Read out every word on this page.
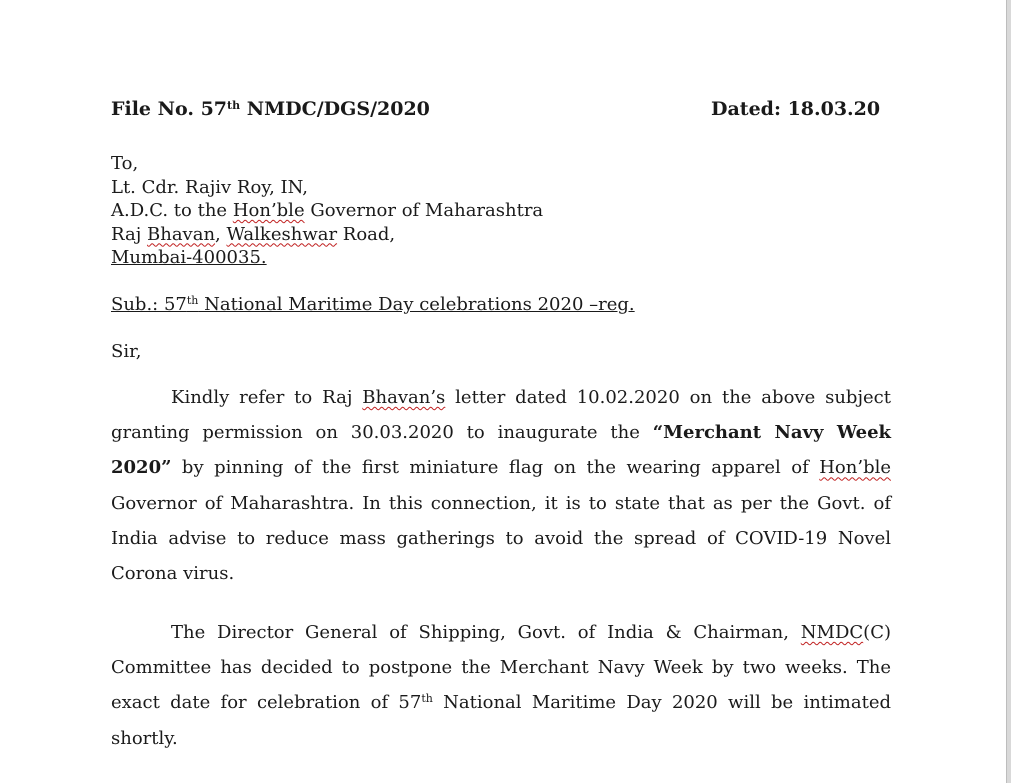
File No. 57th NMDC/DGS/2020	Dated: 18.03.20
To,
Lt. Cdr. Rajiv Roy, IN,
A.D.C. to the Hon’ble Governor of Maharashtra
Raj Bhavan, Walkeshwar Road,
Mumbai-400035.
Sir,
Kindly refer to Raj Bhavan’s letter dated 10.02.2020 on the above subject granting permission on 30.03.2020 to inaugurate the “Merchant Navy Week 2020” by pinning of the first miniature flag on the wearing apparel of Hon’ble Governor of Maharashtra. In this connection, it is to state that as per the Govt. of India advise to reduce mass gatherings to avoid the spread of COVID-19 Novel Corona virus.
The Director General of Shipping, Govt. of India & Chairman, NMDC(C) Committee has decided to postpone the Merchant Navy Week by two weeks. The exact date for celebration of 57th National Maritime Day 2020 will be intimated shortly.
Sub.: 57th National Maritime Day celebrations 2020 –reg.
